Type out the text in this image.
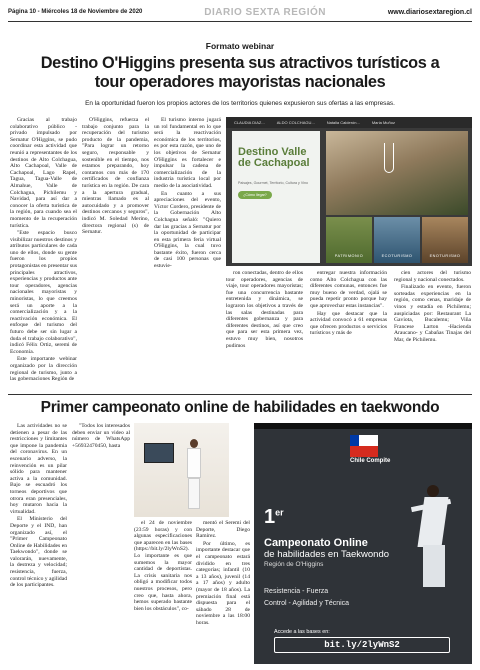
Página 10 - Miércoles 18 de Noviembre de 2020	DIARIO SEXTA REGIÓN	www.diariosextaregion.cl
Formato webinar
Destino O'Higgins presenta sus atractivos turísticos a tour operadores mayoristas nacionales
En la oportunidad fueron los propios actores de los territorios quienes expusieron sus ofertas a las empresas.

Gracias al trabajo colaborativo público - privado impulsado por Sernatur O'Higgins, se pudo coordinar esta actividad que reunió a representantes de los destinos de Alto Colchagua, Alto Cachapoal, Valle de Cachapoal, Lago Rapel, Tagua, Tagua-Valle de Almahue, Valle de Colchagua, Pichilemu y Navidad, para así dar a conocer la oferta turística de la región, para cuando sea el momento de la recuperación turística.

"Este espacio busco visibilizar nuestros destinos y atributos particulares de cada uno de ellos, donde su gente fueron los propios protagonistas en presentar sus principales atractivos, experiencias y productos ante tour operadores, agencias nacionales mayoristas y minoristas, lo que creemos será un aporte a la comercialización y a la reactivación económica. El enfoque del turismo del futuro debe ser sin lugar a duda el trabajo colaborativo", indicó Félix Ortiz, seremi de Economía.

Este importante webinar organizado por la dirección regional de turismo, junto a las gobernaciones Región de

O'Higgins, refuerza el trabajo conjunto para la recuperación del turismo producto de la pandemia, "Para lograr un retorno seguro, responsable y sostenible en el tiempo, nos estamos preparando, hoy contamos con más de 170 certificados de confianza turística en la región. De cara a la apertura gradual, mientras llamado es al autocuidado y a promover destinos cercanos y seguros", indicó M. Soledad Merino, directora regional (s) de Sernatur.

El turismo interno jugará un rol fundamental en lo que será la reactivación económica de los territorios, es por esta razón, que uno de los objetivos de Sernatur O'Higgins es fortalecer e impulsar la cadena de comercialización de la industria turística local por medio de la asociatividad.

En cuanto a sus apreciaciones del evento, Víctor Cordero, presidente de la Gobernación Alto Colchagua señaló: "Quiero dar las gracias a Sernatur por la oportunidad de participar en esta primera feria virtual O'Higgins, la cual tuvo bastante éxito, fueron cerca de casi 100 personas que estuvie-

ron conectadas, dentro de ellos tour operadores, agencias de viaje, tour operadores mayoristas; fue una concurrencia bastante entretenida y dinámica, se lograron los objetivos a través de las salas destinadas para diferentes gobernanza y para diferentes destinos, así que creo que para ser esta primera vez, estuvo muy bien, nosotros pudimos

entregar nuestra información como Alto Colchagua con las diferentes comunas, entonces fue muy bueno de verdad, ojalá se pueda repetir pronto porque hay que aprovechar estas instancias".

Hay que destacar que la actividad convocó a 61 empresas que ofrecen productos o servicios turísticos y más de

cien actores del turismo regional y nacional conectados.

Finalizado en evento, fueron sorteadas experiencias en la región, como cenas, maridaje de vinos y estadía en Pichilemu; auspiciadas por: Restaurant La Gaviota, Bucalemu; Viña Francese Larton -Hacienda Araucano- y Cabañas Tinajas del Mar, de Pichilemu.

CLAUDIA DIAZ...	ALDO COLCHAGU...	Natalia Calderón...	Maria Muñoz
Destino Valle de Cachapoal
Paisajes, Gourmet, Territorio, Cultura y Vino
¿Cómo llegar?
PATRIMONIO	ECOTURISMO	ENOTURISMO
Primer campeonato online de habilidades en taekwondo

Las actividades no se detienen a pesar de las restricciones y limitantes que impone la pandemia del coronavirus. En un escenario adverso, la reinvención es un pilar sólido para mantener activa a la comunidad. Bajo se escuadró los torneos deportivos que otrora eran presenciales, hoy mutaron hacia la virtualidad.

El Ministerio del Deporte y el IND, han organizado así, el "Primer Campeonato Online de Habilidades en Taekwondo", donde se valorarán, nuevamente, la destreza y velocidad; resistencia, fuerza, control técnico y agilidad de los participantes.

"Todos los interesados deben enviar un video al número de WhatsApp +56932470450, hasta

el 24 de noviembre (23:59 horas) y con algunas especificaciones que aparecen en las bases (https://bit.ly/2lyWnS2). Lo importante es que sumemos la mayor cantidad de deportistas. La crisis sanitaria nos obligó a modificar todos nuestros procesos, pero creo que, hasta ahora, hemos superado bastante bien los obstáculos", co-

mentó el Seremi del Deporte, Diego Ramírez.

Por último, es importante destacar que el campeonato estará dividido en tres categorías; infantil (10 a 13 años), juvenil (14 a 17 años) y adulto (mayor de 18 años). La premiación final está dispuesta para el sábado 28 de noviembre a las 18:00 horas.

Chile Compite
1er
Campeonato Online
de habilidades en Taekwondo
Región de O'Higgins
Resistencia - Fuerza
Control - Agilidad y Técnica
Accede a las bases en:
bit.ly/2lyWnS2
